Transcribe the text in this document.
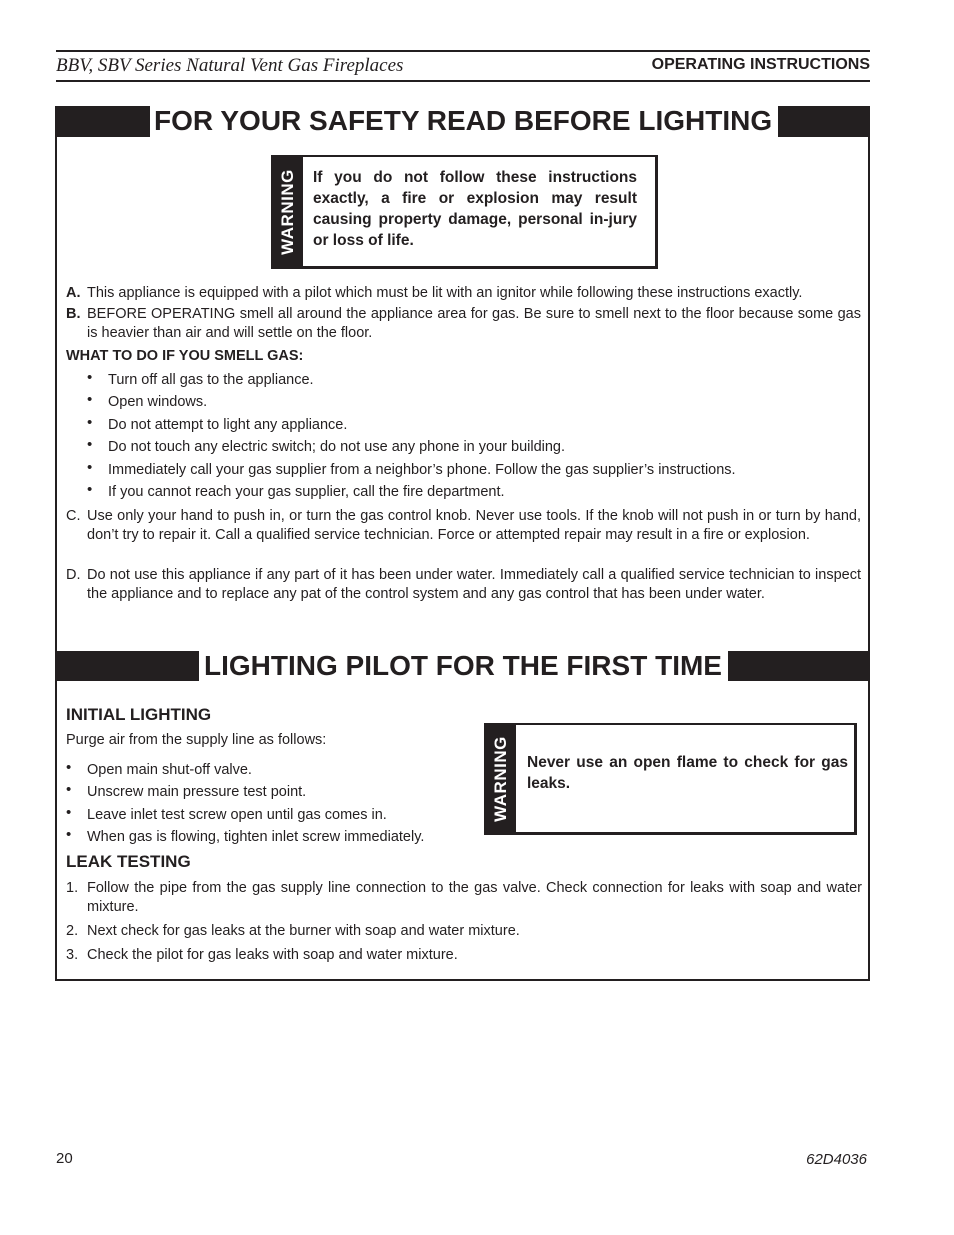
BBV, SBV Series Natural Vent Gas Fireplaces	OPERATING INSTRUCTIONS
FOR YOUR SAFETY READ BEFORE LIGHTING
WARNING If you do not follow these instructions exactly, a fire or explosion may result causing property damage, personal in-jury or loss of life.
A. This appliance is equipped with a pilot which must be lit with an ignitor while following these instructions exactly.
B. BEFORE OPERATING smell all around the appliance area for gas. Be sure to smell next to the floor because some gas is heavier than air and will settle on the floor.
WHAT TO DO IF YOU SMELL GAS:
• Turn off all gas to the appliance.
• Open windows.
• Do not attempt to light any appliance.
• Do not touch any electric switch; do not use any phone in your building.
• Immediately call your gas supplier from a neighbor’s phone. Follow the gas supplier’s instructions.
• If you cannot reach your gas supplier, call the fire department.
C. Use only your hand to push in, or turn the gas control knob. Never use tools. If the knob will not push in or turn by hand, don’t try to repair it. Call a qualified service technician. Force or attempted repair may result in a fire or explosion.
D. Do not use this appliance if any part of it has been under water. Immediately call a qualified service technician to inspect the appliance and to replace any pat of the control system and any gas control that has been under water.
LIGHTING PILOT FOR THE FIRST TIME
INITIAL LIGHTING
Purge air from the supply line as follows:
• Open main shut-off valve.
• Unscrew main pressure test point.
• Leave inlet test screw open until gas comes in.
• When gas is flowing, tighten inlet screw immediately.
WARNING Never use an open flame to check for gas leaks.
LEAK TESTING
1. Follow the pipe from the gas supply line connection to the gas valve. Check connection for leaks with soap and water mixture.
2. Next check for gas leaks at the burner with soap and water mixture.
3. Check the pilot for gas leaks with soap and water mixture.
20	62D4036
